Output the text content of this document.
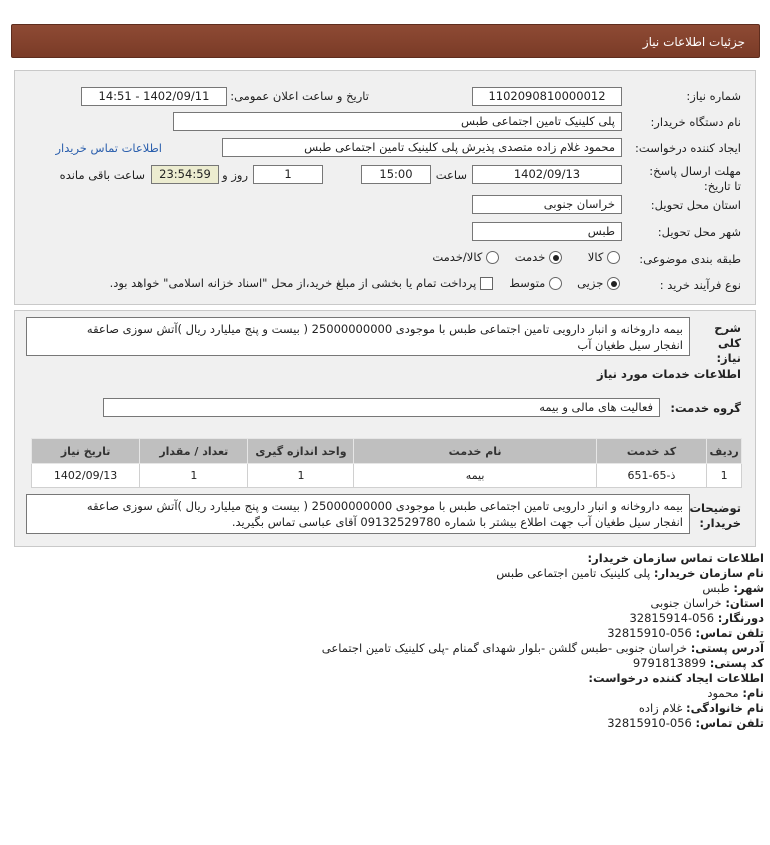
جزئیات اطلاعات نیاز
شماره نیاز:
1102090810000012
تاریخ و ساعت اعلان عمومی:
1402/09/11 - 14:51
نام دستگاه خریدار:
پلی کلینیک تامین اجتماعی طبس
ایجاد کننده درخواست:
محمود غلام زاده متصدی پذیرش پلی کلینیک تامین اجتماعی طبس
اطلاعات تماس خریدار
مهلت ارسال پاسخ: تا تاریخ:
1402/09/13
ساعت
15:00
1
روز و
23:54:59
ساعت باقی مانده
استان محل تحویل:
خراسان جنوبی
شهر محل تحویل:
طبس
طبقه بندی موضوعی:
کالا
خدمت
کالا/خدمت
نوع فرآیند خرید :
جزیی
متوسط
پرداخت تمام یا بخشی از مبلغ خرید،از محل "اسناد خزانه اسلامی" خواهد بود.
شرح کلی نیاز:
بیمه داروخانه و انبار دارویی تامین اجتماعی طبس با موجودی 25000000000 ( بیست و پنج میلیارد ریال )آتش سوزی صاعقه
انفجار سیل طغیان آب
اطلاعات خدمات مورد نیاز
گروه خدمت:
فعالیت های مالی و بیمه
ردیف	کد خدمت	نام خدمت	واحد اندازه گیری	تعداد / مقدار	تاریخ نیاز
1	ذ-65-651	بیمه	1	1	1402/09/13
توضیحات خریدار:
بیمه داروخانه و انبار دارویی تامین اجتماعی طبس با موجودی 25000000000 ( بیست و پنج میلیارد ریال )آتش سوزی صاعقه
انفجار سیل طغیان آب جهت اطلاع بیشتر با شماره 09132529780 آقای عباسی تماس بگیرید.
اطلاعات تماس سازمان خریدار:
نام سازمان خریدار: پلی کلینیک تامین اجتماعی طبس
شهر: طبس
استان: خراسان جنوبی
دورنگار: 056-32815914
تلفن تماس: 056-32815910
آدرس پستی: خراسان جنوبی -طبس گلشن -بلوار شهدای گمنام -پلی کلینیک تامین اجتماعی
کد پستی: 9791813899
اطلاعات ایجاد کننده درخواست:
نام: محمود
نام خانوادگی: غلام زاده
تلفن تماس: 056-32815910
